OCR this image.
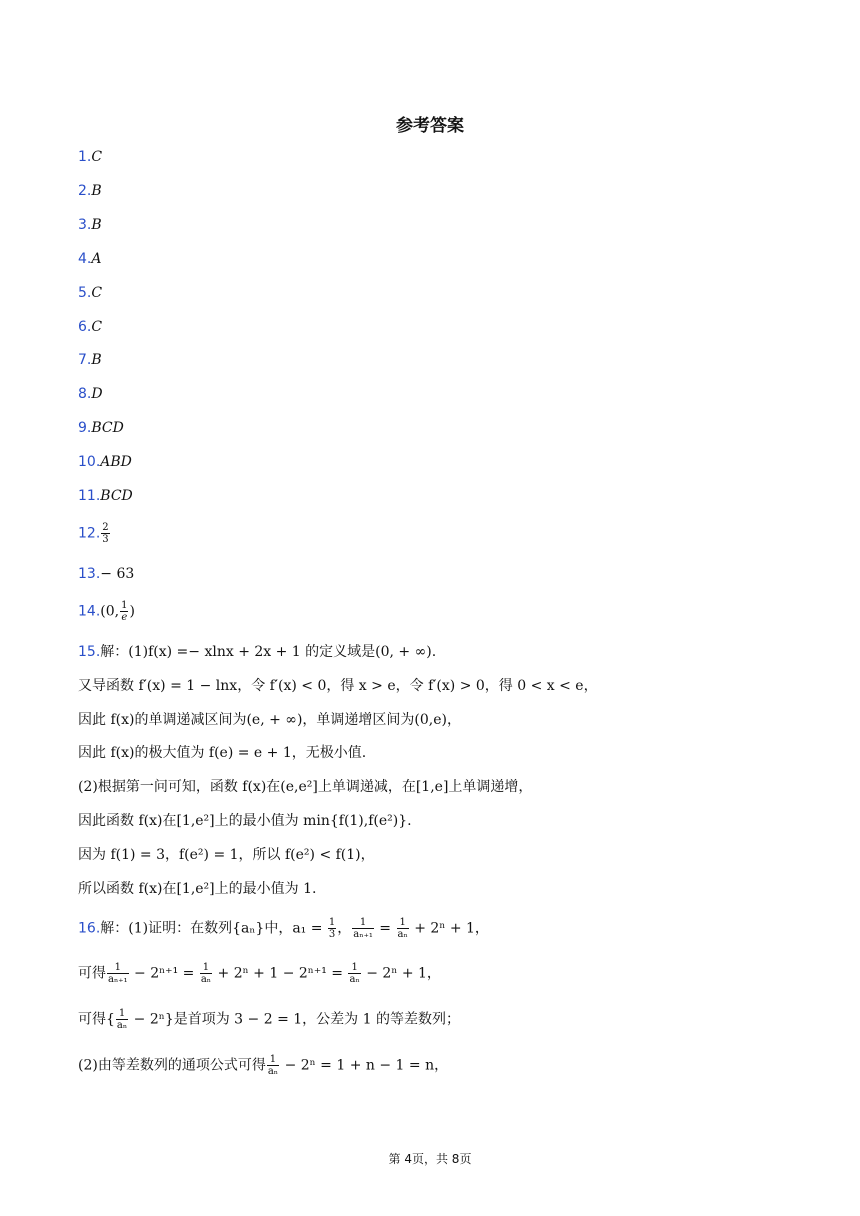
参考答案
1.C
2.B
3.B
4.A
5.C
6.C
7.B
8.D
9.BCD
10.ABD
11.BCD
12. $\frac{2}{3}$
13.− 63
14.(0, $\frac{1}{e}$ )
15.解：(1)f(x) =− xlnx + 2x + 1 的定义域是(0, + ∞).
又导函数 f′(x) = 1 − lnx，令 f′(x) < 0，得 x > e，令 f′(x) > 0，得 0 < x < e，
因此 f(x)的单调递减区间为(e, + ∞)，单调递增区间为(0,e)，
因此 f(x)的极大值为 f(e) = e + 1，无极小值.
(2)根据第一问可知，函数 f(x)在(e,e²]上单调递减，在[1,e]上单调递增，
因此函数 f(x)在[1,e²]上的最小值为 min{f(1),f(e²)}.
因为 f(1) = 3，f(e²) = 1，所以 f(e²) < f(1)，
所以函数 f(x)在[1,e²]上的最小值为 1.
16.解：(1)证明：在数列{aₙ}中，$a_1 = \frac{1}{3}$ ， $\frac{1}{\text{aₙ₊₁}} = \frac{1}{\text{aₙ}} + 2^n + 1$，
可得 $\frac{1}{\text{aₙ₊₁}} - 2^{n+1} = \frac{1}{\text{aₙ}} + 2^n + 1 - 2^{n+1} = \frac{1}{\text{aₙ}} - 2^n + 1$，
可得{ $\frac{1}{\text{aₙ}} - 2^n$}是首项为 3 − 2 = 1，公差为 1 的等差数列；
(2)由等差数列的通项公式可得 $\frac{1}{\text{aₙ}} - 2^n = 1 + n - 1 = n$，
第 4页，共 8页
